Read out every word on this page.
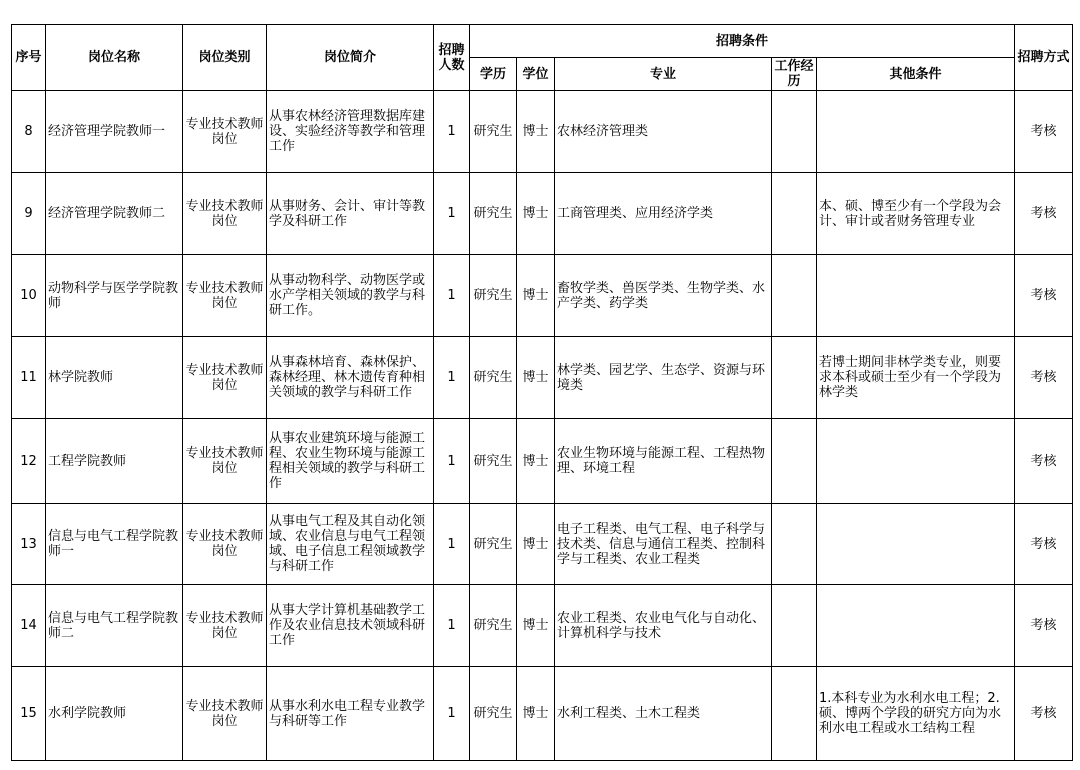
序号	岗位名称	岗位类别	岗位简介	招聘人数	招聘条件					招聘方式
					学历	学位	专业	工作经历	其他条件	
8	经济管理学院教师一	专业技术教师岗位	从事农林经济管理数据库建设、实验经济等教学和管理工作	1	研究生	博士	农林经济管理类			考核
9	经济管理学院教师二	专业技术教师岗位	从事财务、会计、审计等教学及科研工作	1	研究生	博士	工商管理类、应用经济学类		本、硕、博至少有一个学段为会计、审计或者财务管理专业	考核
10	动物科学与医学学院教师	专业技术教师岗位	从事动物科学、动物医学或水产学相关领域的教学与科研工作。	1	研究生	博士	畜牧学类、兽医学类、生物学类、水产学类、药学类			考核
11	林学院教师	专业技术教师岗位	从事森林培育、森林保护、森林经理、林木遗传育种相关领域的教学与科研工作	1	研究生	博士	林学类、园艺学、生态学、资源与环境类		若博士期间非林学类专业，则要求本科或硕士至少有一个学段为林学类	考核
12	工程学院教师	专业技术教师岗位	从事农业建筑环境与能源工程、农业生物环境与能源工程相关领域的教学与科研工作	1	研究生	博士	农业生物环境与能源工程、工程热物理、环境工程			考核
13	信息与电气工程学院教师一	专业技术教师岗位	从事电气工程及其自动化领域、农业信息与电气工程领域、电子信息工程领域教学与科研工作	1	研究生	博士	电子工程类、电气工程、电子科学与技术类、信息与通信工程类、控制科学与工程类、农业工程类			考核
14	信息与电气工程学院教师二	专业技术教师岗位	从事大学计算机基础教学工作及农业信息技术领域科研工作	1	研究生	博士	农业工程类、农业电气化与自动化、计算机科学与技术			考核
15	水利学院教师	专业技术教师岗位	从事水利水电工程专业教学与科研等工作	1	研究生	博士	水利工程类、土木工程类		1.本科专业为水利水电工程；2.硕、博两个学段的研究方向为水利水电工程或水工结构工程	考核
